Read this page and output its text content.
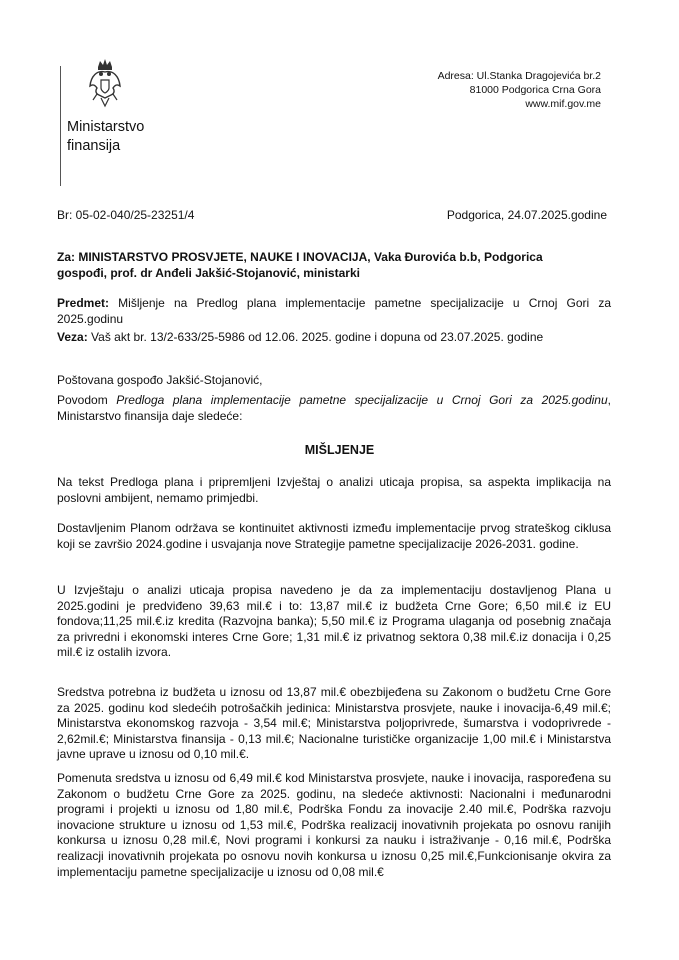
Ministarstvo
finansija
Adresa: Ul.Stanka Dragojevića br.2
81000 Podgorica Crna Gora
www.mif.gov.me
Br: 05-02-040/25-23251/4	Podgorica, 24.07.2025.godine

Za: MINISTARSTVO PROSVJETE, NAUKE I INOVACIJA, Vaka Đurovića b.b, Podgorica
gospođi, prof. dr Anđeli Jakšić-Stojanović, ministarki

Predmet: Mišljenje na Predlog plana implementacije pametne specijalizacije u Crnoj Gori za 2025.godinu

Veza: Vaš akt br. 13/2-633/25-5986 od 12.06. 2025. godine i dopuna od 23.07.2025. godine

Poštovana gospođo Jakšić-Stojanović,

Povodom Predloga plana implementacije pametne specijalizacije u Crnoj Gori za 2025.godinu, Ministarstvo finansija daje sledeće:

MIŠLJENJE

Na tekst Predloga plana i pripremljeni Izvještaj o analizi uticaja propisa, sa aspekta implikacija na poslovni ambijent, nemamo primjedbi.

Dostavljenim Planom održava se kontinuitet aktivnosti između implementacije prvog strateškog ciklusa koji se završio 2024.godine i usvajanja nove Strategije pametne specijalizacije 2026-2031. godine.

U Izvještaju o analizi uticaja propisa navedeno je da za implementaciju dostavljenog Plana u 2025.godini je predviđeno 39,63 mil.€ i to: 13,87 mil.€ iz budžeta Crne Gore; 6,50 mil.€ iz EU fondova;11,25 mil.€.iz kredita (Razvojna banka); 5,50 mil.€ iz Programa ulaganja od posebnig značaja za privredni i ekonomski interes Crne Gore; 1,31 mil.€ iz privatnog sektora 0,38 mil.€.iz donacija i 0,25 mil.€ iz ostalih izvora.

Sredstva potrebna iz budžeta u iznosu od 13,87 mil.€ obezbijeđena su Zakonom o budžetu Crne Gore za 2025. godinu kod sledećih potrošačkih jedinica: Ministarstva prosvjete, nauke i inovacija-6,49 mil.€; Ministarstva ekonomskog razvoja - 3,54 mil.€; Ministarstva poljoprivrede, šumarstva i vodoprivrede - 2,62mil.€; Ministarstva finansija - 0,13 mil.€; Nacionalne turističke organizacije 1,00 mil.€ i Ministarstva javne uprave u iznosu od 0,10 mil.€.

Pomenuta sredstva u iznosu od 6,49 mil.€ kod Ministarstva prosvjete, nauke i inovacija, raspoređena su Zakonom o budžetu Crne Gore za 2025. godinu, na sledeće aktivnosti: Nacionalni i međunarodni programi i projekti u iznosu od 1,80 mil.€, Podrška Fondu za inovacije 2.40 mil.€, Podrška razvoju inovacione strukture u iznosu od 1,53 mil.€, Podrška realizacij inovativnih projekata po osnovu ranijih konkursa u iznosu 0,28 mil.€, Novi programi i konkursi za nauku i istraživanje - 0,16 mil.€, Podrška realizacji inovativnih projekata po osnovu novih konkursa u iznosu 0,25 mil.€,Funkcionisanje okvira za implementaciju pametne specijalizacije u iznosu od 0,08 mil.€
